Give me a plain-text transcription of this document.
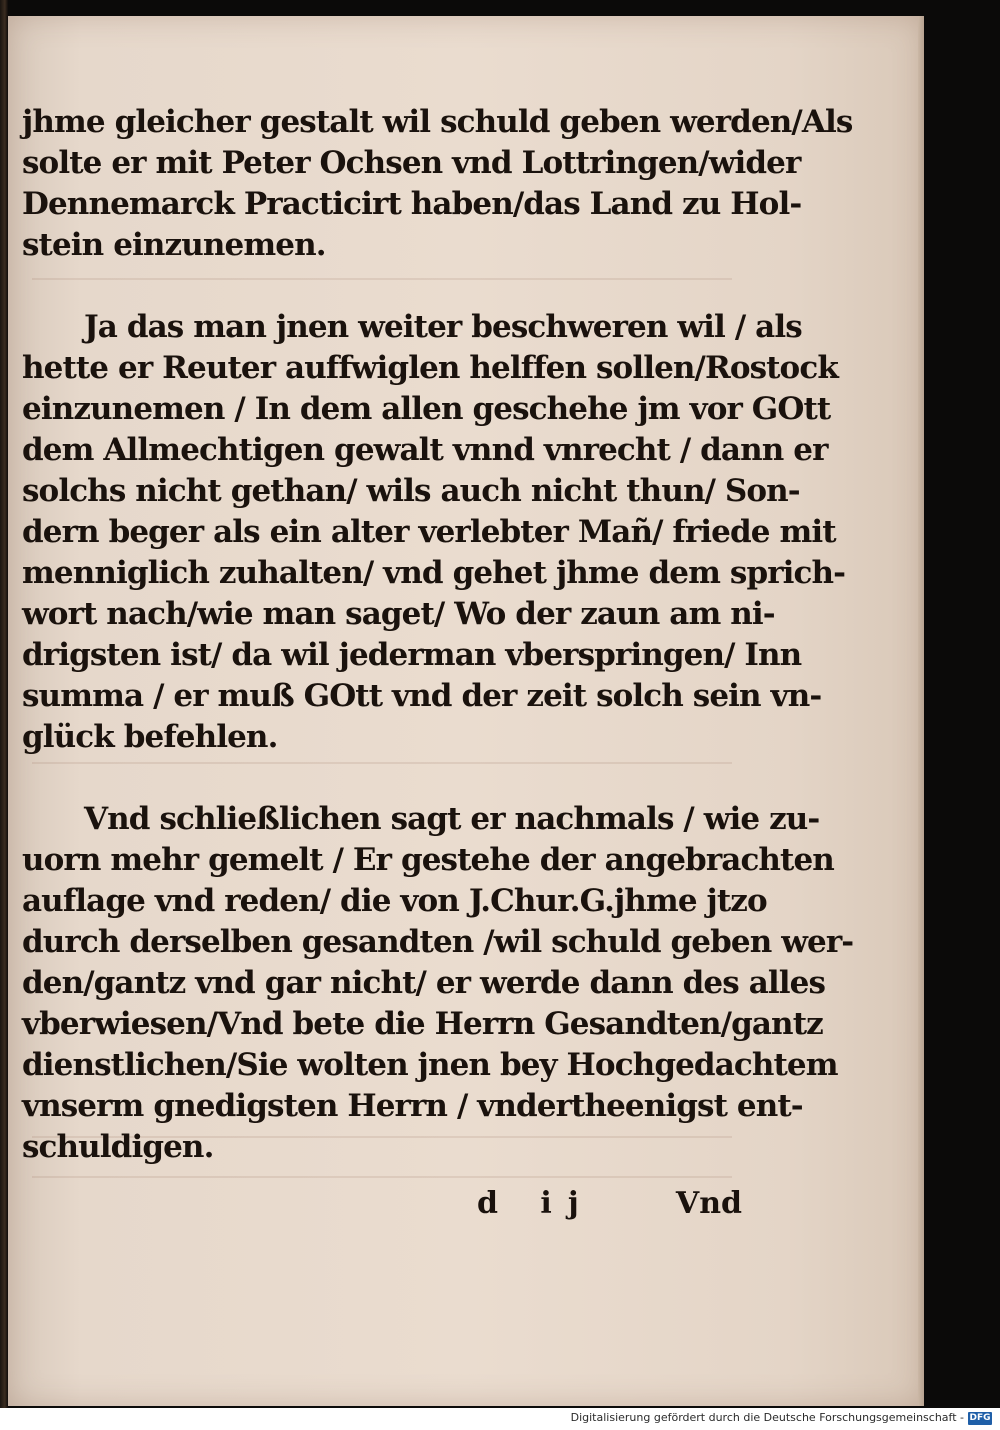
jhme gleicher gestalt wil schuld geben werden/Als
solte er mit Peter Ochsen vnd Lottringen/wider
Dennemarck Practicirt haben/das Land zu Hol-
stein einzunemen.
Ja das man jnen weiter beschweren wil / als
hette er Reuter auffwiglen helffen sollen/Rostock
einzunemen / In dem allen geschehe jm vor GOtt
dem Allmechtigen gewalt vnnd vnrecht / dann er
solchs nicht gethan/ wils auch nicht thun/ Son-
dern beger als ein alter verlebter Mañ/ friede mit
menniglich zuhalten/ vnd gehet jhme dem sprich-
wort nach/wie man saget/ Wo der zaun am ni-
drigsten ist/ da wil jederman vberspringen/ Inn
summa / er muß GOtt vnd der zeit solch sein vn-
glück befehlen.
Vnd schließlichen sagt er nachmals / wie zu-
uorn mehr gemelt / Er gestehe der angebrachten
auflage vnd reden/ die von J.Chur.G.jhme jtzo
durch derselben gesandten /wil schuld geben wer-
den/gantz vnd gar nicht/ er werde dann des alles
vberwiesen/Vnd bete die Herrn Gesandten/gantz
dienstlichen/Sie wolten jnen bey Hochgedachtem
vnserm gnedigsten Herrn / vndertheenigst ent-
schuldigen.
d ij	Vnd
Digitalisierung gefördert durch die Deutsche Forschungsgemeinschaft - DFG
